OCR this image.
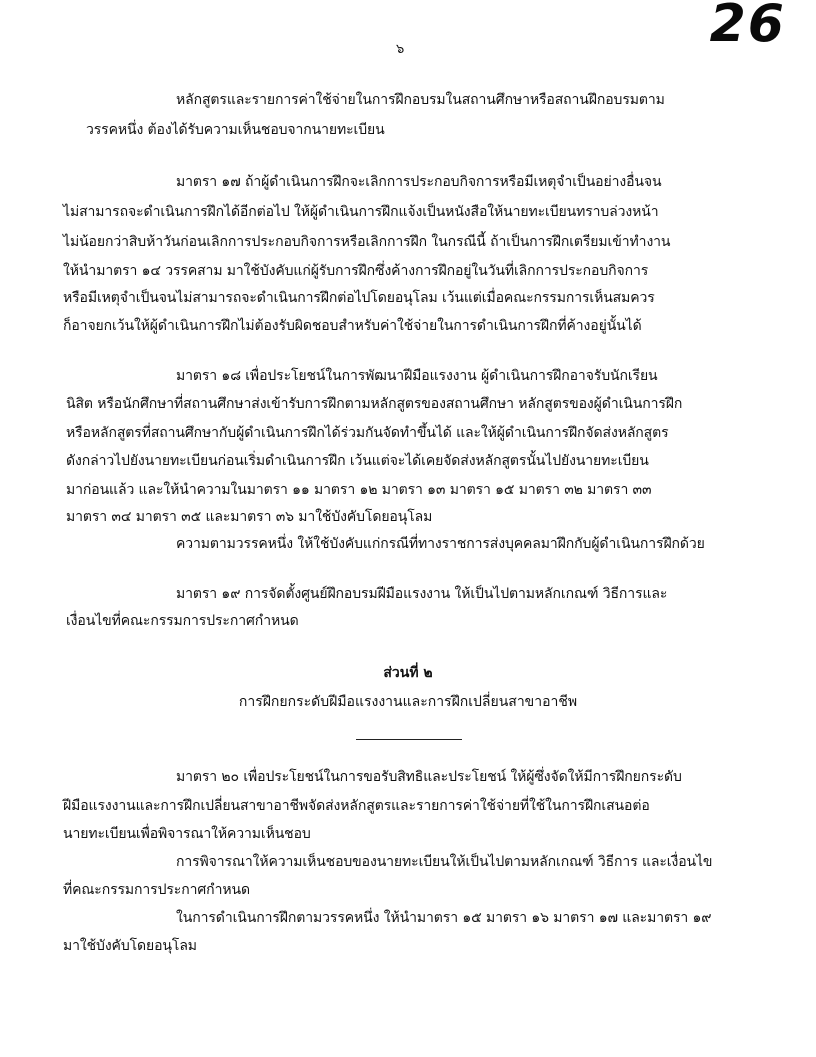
26
๖
หลักสูตรและรายการค่าใช้จ่ายในการฝึกอบรมในสถานศึกษาหรือสถานฝึกอบรมตาม
วรรคหนึ่ง ต้องได้รับความเห็นชอบจากนายทะเบียน
มาตรา ๑๗ ถ้าผู้ดำเนินการฝึกจะเลิกการประกอบกิจการหรือมีเหตุจำเป็นอย่างอื่นจน
ไม่สามารถจะดำเนินการฝึกได้อีกต่อไป ให้ผู้ดำเนินการฝึกแจ้งเป็นหนังสือให้นายทะเบียนทราบล่วงหน้า
ไม่น้อยกว่าสิบห้าวันก่อนเลิกการประกอบกิจการหรือเลิกการฝึก ในกรณีนี้ ถ้าเป็นการฝึกเตรียมเข้าทำงาน
ให้นำมาตรา ๑๔ วรรคสาม มาใช้บังคับแก่ผู้รับการฝึกซึ่งค้างการฝึกอยู่ในวันที่เลิกการประกอบกิจการ
หรือมีเหตุจำเป็นจนไม่สามารถจะดำเนินการฝึกต่อไปโดยอนุโลม เว้นแต่เมื่อคณะกรรมการเห็นสมควร
ก็อาจยกเว้นให้ผู้ดำเนินการฝึกไม่ต้องรับผิดชอบสำหรับค่าใช้จ่ายในการดำเนินการฝึกที่ค้างอยู่นั้นได้
มาตรา ๑๘ เพื่อประโยชน์ในการพัฒนาฝีมือแรงงาน ผู้ดำเนินการฝึกอาจรับนักเรียน
นิสิต หรือนักศึกษาที่สถานศึกษาส่งเข้ารับการฝึกตามหลักสูตรของสถานศึกษา หลักสูตรของผู้ดำเนินการฝึก
หรือหลักสูตรที่สถานศึกษากับผู้ดำเนินการฝึกได้ร่วมกันจัดทำขึ้นได้ และให้ผู้ดำเนินการฝึกจัดส่งหลักสูตร
ดังกล่าวไปยังนายทะเบียนก่อนเริ่มดำเนินการฝึก เว้นแต่จะได้เคยจัดส่งหลักสูตรนั้นไปยังนายทะเบียน
มาก่อนแล้ว และให้นำความในมาตรา ๑๑ มาตรา ๑๒ มาตรา ๑๓ มาตรา ๑๕ มาตรา ๓๒ มาตรา ๓๓
มาตรา ๓๔ มาตรา ๓๕ และมาตรา ๓๖ มาใช้บังคับโดยอนุโลม
ความตามวรรคหนึ่ง ให้ใช้บังคับแก่กรณีที่ทางราชการส่งบุคคลมาฝึกกับผู้ดำเนินการฝึกด้วย
มาตรา ๑๙ การจัดตั้งศูนย์ฝึกอบรมฝีมือแรงงาน ให้เป็นไปตามหลักเกณฑ์ วิธีการและ
เงื่อนไขที่คณะกรรมการประกาศกำหนด
ส่วนที่ ๒
การฝึกยกระดับฝีมือแรงงานและการฝึกเปลี่ยนสาขาอาชีพ
มาตรา ๒๐ เพื่อประโยชน์ในการขอรับสิทธิและประโยชน์ ให้ผู้ซึ่งจัดให้มีการฝึกยกระดับ
ฝีมือแรงงานและการฝึกเปลี่ยนสาขาอาชีพจัดส่งหลักสูตรและรายการค่าใช้จ่ายที่ใช้ในการฝึกเสนอต่อ
นายทะเบียนเพื่อพิจารณาให้ความเห็นชอบ
การพิจารณาให้ความเห็นชอบของนายทะเบียนให้เป็นไปตามหลักเกณฑ์ วิธีการ และเงื่อนไข
ที่คณะกรรมการประกาศกำหนด
ในการดำเนินการฝึกตามวรรคหนึ่ง ให้นำมาตรา ๑๕ มาตรา ๑๖ มาตรา ๑๗ และมาตรา ๑๙
มาใช้บังคับโดยอนุโลม
